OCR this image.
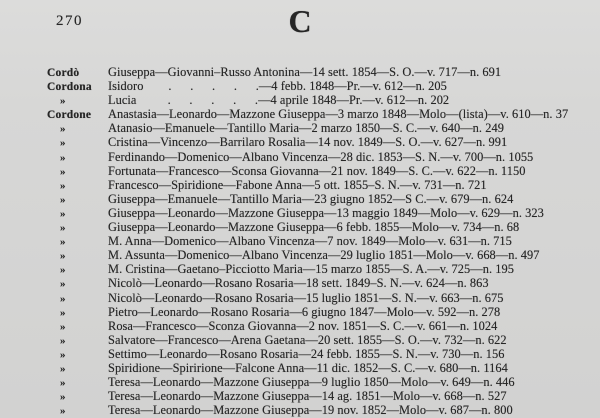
270	C
Cordò	Giuseppa—Giovanni–Russo Antonina—14 sett. 1854—S. O.—v. 717—n. 691
Cordona	Isidoro   .  .  .  .  .—4 febb. 1848—Pr.—v. 612—n. 205
»	Lucia   .  .  .  .  .—4 aprile 1848—Pr.—v. 612—n. 202
Cordone	Anastasia—Leonardo—Mazzone Giuseppa—3 marzo 1848—Molo—(lista)—v. 610—n. 37
»	Atanasio—Emanuele—Tantillo Maria—2 marzo 1850—S. C.—v. 640—n. 249
»	Cristina—Vincenzo—Barrilaro Rosalia—14 nov. 1849—S. O.—v. 627—n. 991
»	Ferdinando—Domenico—Albano Vincenza—28 dic. 1853—S. N.—v. 700—n. 1055
»	Fortunata—Francesco—Sconsa Giovanna—21 nov. 1849—S. C.—v. 622—n. 1150
»	Francesco—Spiridione—Fabone Anna—5 ott. 1855–S. N.—v. 731—n. 721
»	Giuseppa—Emanuele—Tantillo Maria—23 giugno 1852—S C.—v. 679—n. 624
»	Giuseppa—Leonardo—Mazzone Giuseppa—13 maggio 1849—Molo—v. 629—n. 323
»	Giuseppa—Leonardo—Mazzone Giuseppa—6 febb. 1855—Molo—v. 734—n. 68
»	M. Anna—Domenico—Albano Vincenza—7 nov. 1849—Molo—v. 631—n. 715
»	M. Assunta—Domenico—Albano Vincenza—29 luglio 1851—Molo—v. 668—n. 497
»	M. Cristina—Gaetano–Picciotto Maria—15 marzo 1855—S. A.—v. 725—n. 195
»	Nicolò—Leonardo—Rosano Rosaria—18 sett. 1849–S. N.—v. 624—n. 863
»	Nicolò—Leonardo—Rosano Rosaria—15 luglio 1851—S. N.—v. 663—n. 675
»	Pietro—Leonardo—Rosano Rosaria—6 giugno 1847—Molo—v. 592—n. 278
»	Rosa—Francesco—Sconza Giovanna—2 nov. 1851—S. C.—v. 661—n. 1024
»	Salvatore—Francesco—Arena Gaetana—20 sett. 1855—S. O.—v. 732—n. 622
»	Settimo—Leonardo—Rosano Rosaria—24 febb. 1855—S. N.—v. 730—n. 156
»	Spiridione—Spiririone—Falcone Anna—11 dic. 1852—S. C.—v. 680—n. 1164
»	Teresa—Leonardo—Mazzone Giuseppa—9 luglio 1850—Molo—v. 649—n. 446
»	Teresa—Leonardo—Mazzone Giuseppa—14 ag. 1851—Molo—v. 668—n. 527
»	Teresa—Leonardo—Mazzone Giuseppa—19 nov. 1852—Molo—v. 687—n. 800
